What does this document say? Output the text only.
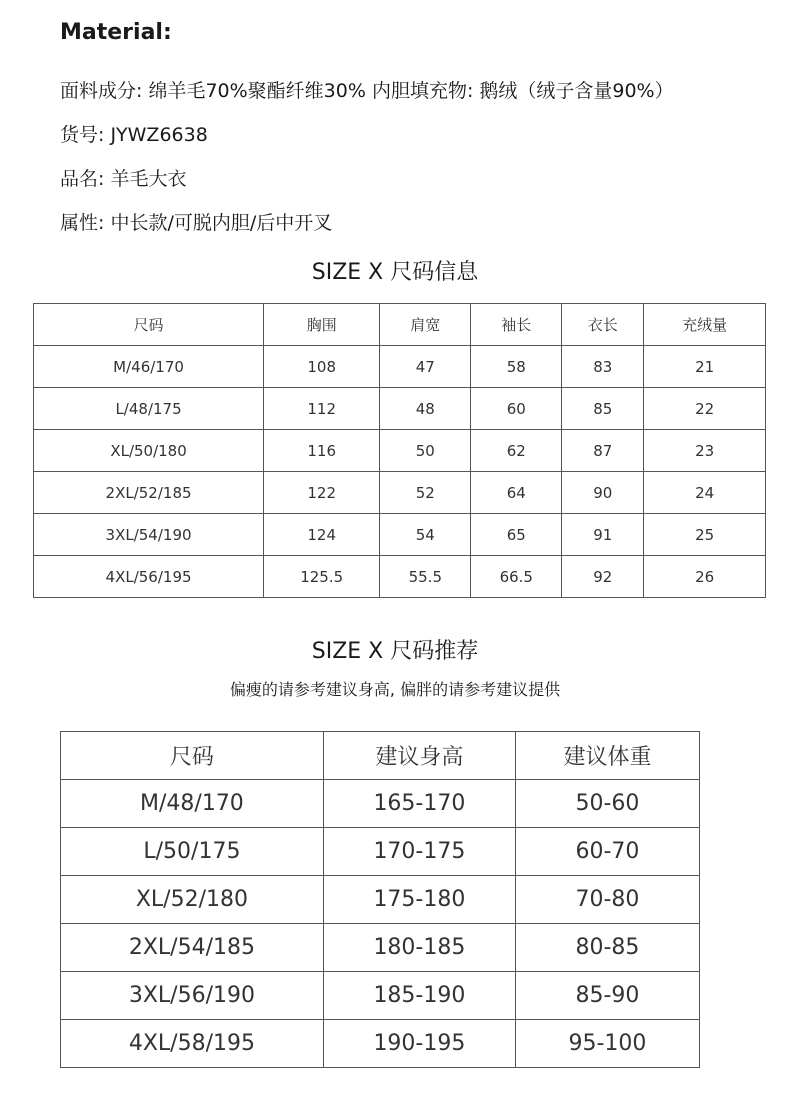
Material:
面料成分: 绵羊毛70%聚酯纤维30% 内胆填充物: 鹅绒（绒子含量90%）
货号: JYWZ6638
品名: 羊毛大衣
属性: 中长款/可脱内胆/后中开叉
SIZE X 尺码信息
尺码	胸围	肩宽	袖长	衣长	充绒量
M/46/170	108	47	58	83	21
L/48/175	112	48	60	85	22
XL/50/180	116	50	62	87	23
2XL/52/185	122	52	64	90	24
3XL/54/190	124	54	65	91	25
4XL/56/195	125.5	55.5	66.5	92	26
SIZE X 尺码推荐
偏瘦的请参考建议身高, 偏胖的请参考建议提供
尺码	建议身高	建议体重
M/48/170	165-170	50-60
L/50/175	170-175	60-70
XL/52/180	175-180	70-80
2XL/54/185	180-185	80-85
3XL/56/190	185-190	85-90
4XL/58/195	190-195	95-100
